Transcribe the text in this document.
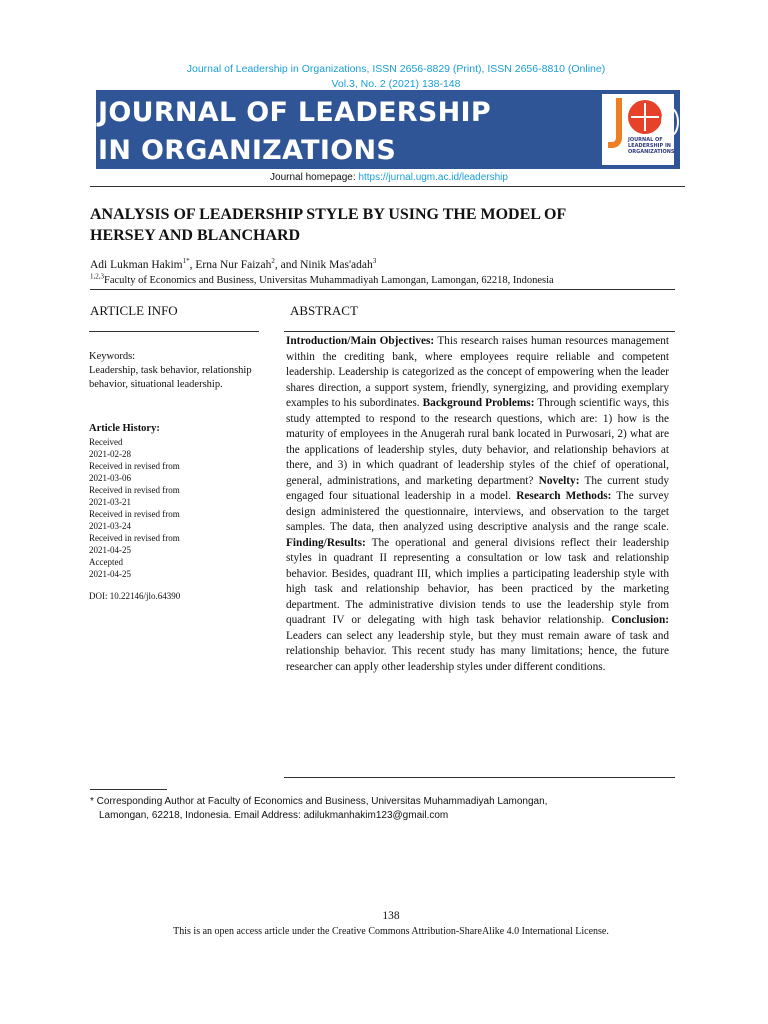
Journal of Leadership in Organizations, ISSN 2656-8829 (Print), ISSN 2656-8810 (Online)
Vol.3, No. 2 (2021) 138-148
JOURNAL OF LEADERSHIP
IN ORGANIZATIONS	JOURNAL OF LEADERSHIP IN ORGANIZATIONS
Journal homepage: https://jurnal.ugm.ac.id/leadership
ANALYSIS OF LEADERSHIP STYLE BY USING THE MODEL OF
HERSEY AND BLANCHARD
Adi Lukman Hakim$^{1*}$, Erna Nur Faizah$^2$, and Ninik Mas'adah$^3$
$^{1,2,3}$Faculty of Economics and Business, Universitas Muhammadiyah Lamongan, Lamongan, 62218, Indonesia
ARTICLE INFO	ABSTRACT
Keywords:
Leadership, task behavior, relationship behavior, situational leadership.
Article History:
Received
2021-02-28
Received in revised from
2021-03-06
Received in revised from
2021-03-21
Received in revised from
2021-03-24
Received in revised from
2021-04-25
Accepted
2021-04-25
DOI: 10.22146/jlo.64390
Introduction/Main Objectives: This research raises human resources management within the crediting bank, where employees require reliable and competent leadership. Leadership is categorized as the concept of empowering when the leader shares direction, a support system, friendly, synergizing, and providing exemplary examples to his subordinates. Background Problems: Through scientific ways, this study attempted to respond to the research questions, which are: 1) how is the maturity of employees in the Anugerah rural bank located in Purwosari, 2) what are the applications of leadership styles, duty behavior, and relationship behaviors at there, and 3) in which quadrant of leadership styles of the chief of operational, general, administrations, and marketing department? Novelty: The current study engaged four situational leadership in a model. Research Methods: The survey design administered the questionnaire, interviews, and observation to the target samples. The data, then analyzed using descriptive analysis and the range scale. Finding/Results: The operational and general divisions reflect their leadership styles in quadrant II representing a consultation or low task and relationship behavior. Besides, quadrant III, which implies a participating leadership style with high task and relationship behavior, has been practiced by the marketing department. The administrative division tends to use the leadership style from quadrant IV or delegating with high task behavior relationship. Conclusion: Leaders can select any leadership style, but they must remain aware of task and relationship behavior. This recent study has many limitations; hence, the future researcher can apply other leadership styles under different conditions.
* Corresponding Author at Faculty of Economics and Business, Universitas Muhammadiyah Lamongan,
Lamongan, 62218, Indonesia. Email Address: adilukmanhakim123@gmail.com
138
This is an open access article under the Creative Commons Attribution-ShareAlike 4.0 International License.
